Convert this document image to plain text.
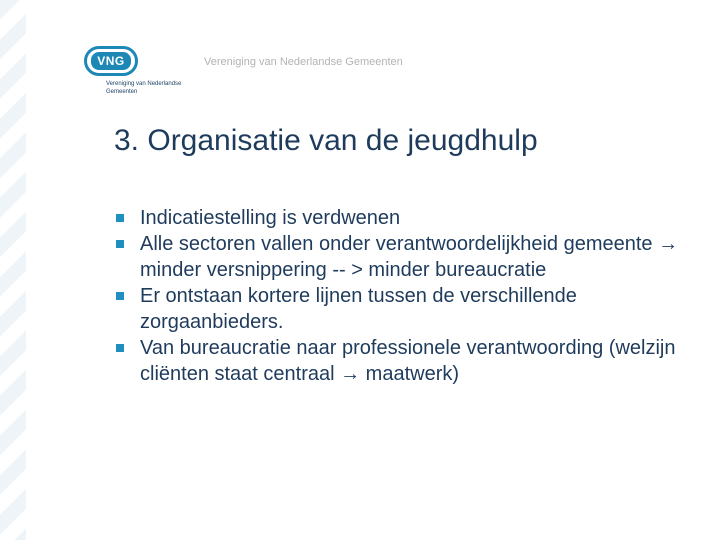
VNG
Vereniging van Nederlandse Gemeenten
Vereniging van Nederlandse Gemeenten
3. Organisatie van de jeugdhulp
Indicatiestelling is verdwenen
Alle sectoren vallen onder verantwoordelijkheid gemeente → minder versnippering -- > minder bureaucratie
Er ontstaan kortere lijnen tussen de verschillende zorgaanbieders.
Van bureaucratie naar professionele verantwoording (welzijn cliënten staat centraal → maatwerk)
